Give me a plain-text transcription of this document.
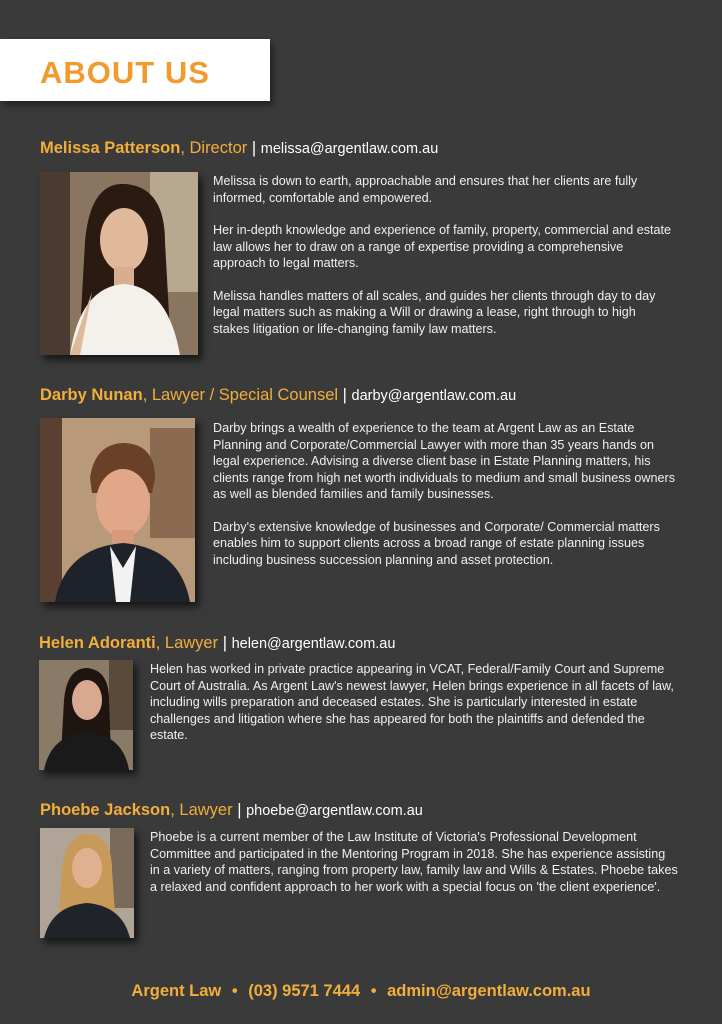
ABOUT US
Melissa Patterson, Director | melissa@argentlaw.com.au

Melissa is down to earth, approachable and ensures that her clients are fully informed, comfortable and empowered.

Her in-depth knowledge and experience of family, property, commercial and estate law allows her to draw on a range of expertise providing a comprehensive approach to legal matters.

Melissa handles matters of all scales, and guides her clients through day to day legal matters such as making a Will or drawing a lease, right through to high stakes litigation or life-changing family law matters.

Darby Nunan, Lawyer / Special Counsel | darby@argentlaw.com.au

Darby brings a wealth of experience to the team at Argent Law as an Estate Planning and Corporate/Commercial Lawyer with more than 35 years hands on legal experience. Advising a diverse client base in Estate Planning matters, his clients range from high net worth individuals to medium and small business owners as well as blended families and family businesses.

Darby's extensive knowledge of businesses and Corporate/ Commercial matters enables him to support clients across a broad range of estate planning issues including business succession planning and asset protection.

Helen Adoranti, Lawyer | helen@argentlaw.com.au

Helen has worked in private practice appearing in VCAT, Federal/Family Court and Supreme Court of Australia. As Argent Law's newest lawyer, Helen brings experience in all facets of law, including wills preparation and deceased estates. She is particularly interested in estate challenges and litigation where she has appeared for both the plaintiffs and defended the estate.

Phoebe Jackson, Lawyer | phoebe@argentlaw.com.au

Phoebe is a current member of the Law Institute of Victoria's Professional Development Committee and participated in the Mentoring Program in 2018. She has experience assisting in a variety of matters, ranging from property law, family law and Wills & Estates. Phoebe takes a relaxed and confident approach to her work with a special focus on 'the client experience'.

Argent Law • (03) 9571 7444 • admin@argentlaw.com.au
